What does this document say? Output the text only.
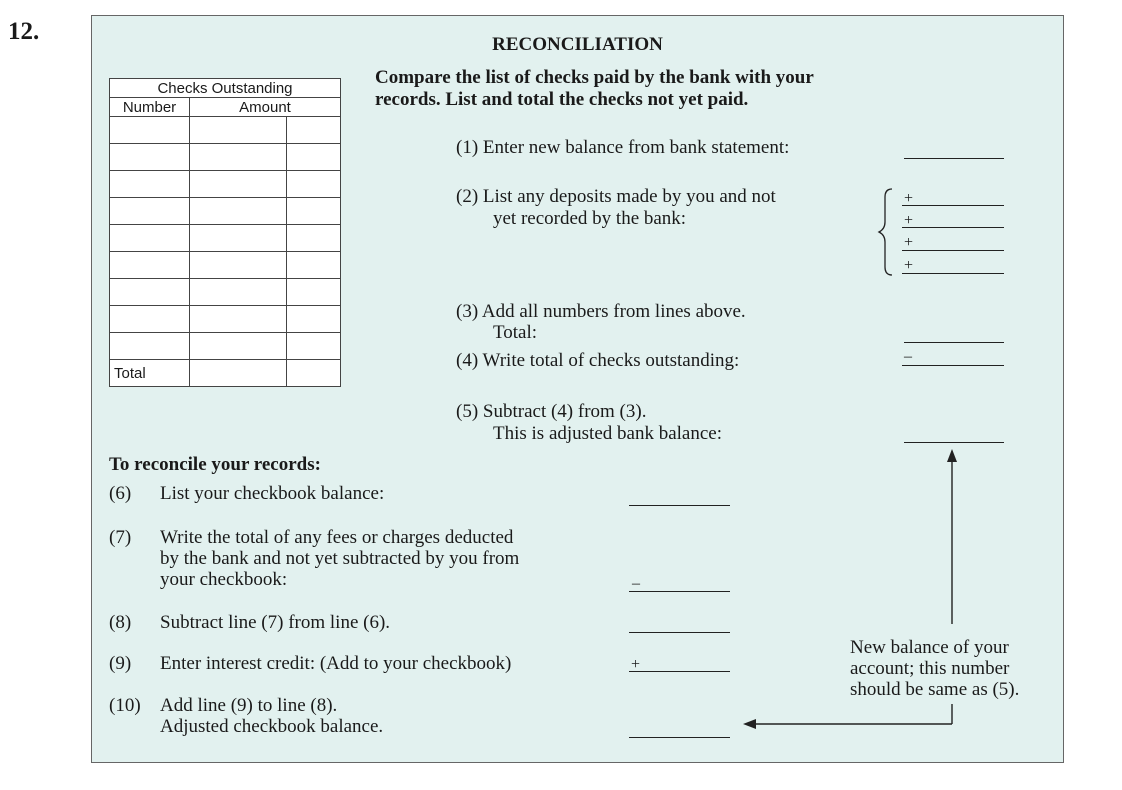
12.	RECONCILIATION
Checks Outstanding		
Number	Amount	

Total		
Compare the list of checks paid by the bank with your
records. List and total the checks not yet paid.
(1) Enter new balance from bank statement:
(2) List any deposits made by you and not
yet recorded by the bank:
+
+
+
+
(3) Add all numbers from lines above.
Total:
(4) Write total of checks outstanding:	–
(5) Subtract (4) from (3).
This is adjusted bank balance:
To reconcile your records:
(6) List your checkbook balance:
(7) Write the total of any fees or charges deducted
by the bank and not yet subtracted by you from
your checkbook:	–
(8) Subtract line (7) from line (6).
(9) Enter interest credit: (Add to your checkbook)	+
(10) Add line (9) to line (8).
Adjusted checkbook balance.
New balance of your
account; this number
should be same as (5).
